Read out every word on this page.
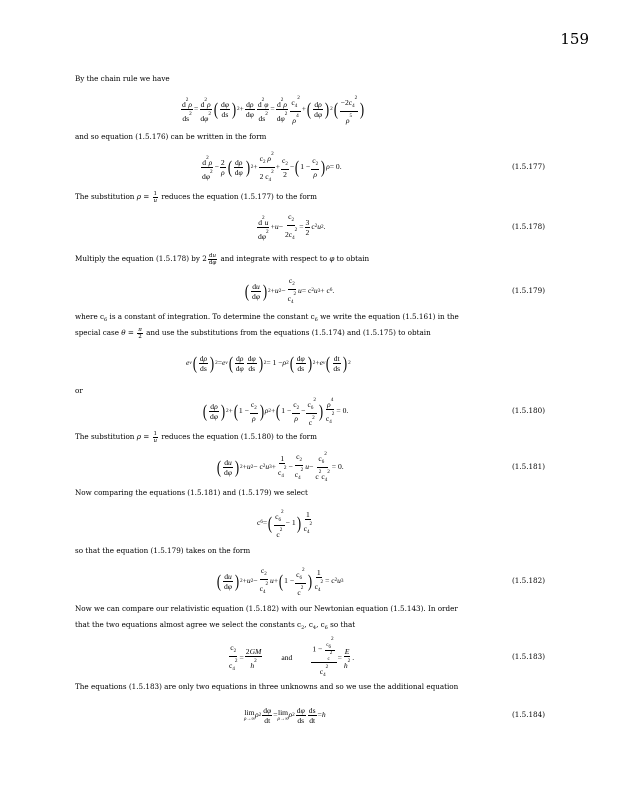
159
By the chain rule we have
$d^2\rho$
$ds^2$
= $d^2\rho$
$d\varphi^2$ ( dφ
ds ) 2 + dρ
dφ
$d^2\varphi$
$ds^2$
= $d^2\rho$
$d\varphi^2$
$c_4^2$
$\rho^4$
+ ( dρ
dφ ) 2 ( $-2c_4^2$
$\rho^5$ )
and so equation (1.5.176) can be written in the form
$d^2\rho$
$d\varphi^2$
− 2
ρ ( dρ
dφ ) 2 +
$c_2$ $\rho^2$
2 $c_4^2$
+
$c_2$
2
− ( 1 −
$c_2$
ρ ) ρ = 0.	(1.5.177)
The substitution $\rho = \frac{1}{u}$ reduces the equation (1.5.177) to the form
$d^2u$
$d\varphi^2$
+ u −
$c_2$
$2c_4^2 = 3$
2
c 2 u 2 .	(1.5.178)
Multiply the equation (1.5.178) by $2 \frac{du}{d\varphi}$ and integrate with respect to φ to obtain
( du
dφ ) 2 + u 2 −
$c_2$
$c_4^2$ u = c 2 u 3 + c 6 .	(1.5.179)
where $c_6$ is a constant of integration. To determine the constant $c_6$ we write the equation (1.5.161) in the
special case $\theta = \frac{\pi}{2}$ and use the substitutions from the equations (1.5.174) and (1.5.175) to obtain
e ν ( dρ
ds ) 2 = e ν ( dρ
dφ
dφ
ds ) 2 = 1 − ρ 2 ( dφ
ds ) 2 + e ν ( dt
ds ) 2
or
( dρ
dφ ) 2 + ( 1 −
$c_2$
ρ ) ρ 2 + ( 1 −
$c_2$
ρ
−
$c_6^2$
$c^2$ ) $\rho^4$
$c_4^2 = 0$.	(1.5.180)
The substitution $\rho = \frac{1}{u}$ reduces the equation (1.5.180) to the form
( du
dφ ) 2 + u 2 − c 2 u 3 +
1
$c_4^2$ −
$c_2$
$c_4^2$ u −
$c_6^2$
$c^2c_4^2$
= 0.	(1.5.181)
Now comparing the equations (1.5.181) and (1.5.179) we select
c 6 = ( $c_6^2$
$c^2$
− 1 ) 1
$c_4^2$
so that the equation (1.5.179) takes on the form
( du
dφ ) 2 + u 2 −
$c_2$
$c_4^2$ u + ( 1 −
$c_6^2$
$c^2$ ) 1
$c_4^2 = c$ 2 u 3	(1.5.182)
Now we can compare our relativistic equation (1.5.182) with our Newtonian equation (1.5.143). In order
that the two equations almost agree we select the constants $c_2$, $c_4$, $c_6$ so that
$c_2$
$c_4^2$ =
2GM
$h^2$	and
$1 - \frac{c_6^2}{c^2}$
$c_4^2$
=
E
$h^2$ .	(1.5.183)
The equations (1.5.183) are only two equations in three unknowns and so we use the additional equation
lim
ρ→∞ ρ 2
dφ
dt
= lim
ρ→∞ ρ 2
dφ
ds
ds
dt
= h	(1.5.184)
